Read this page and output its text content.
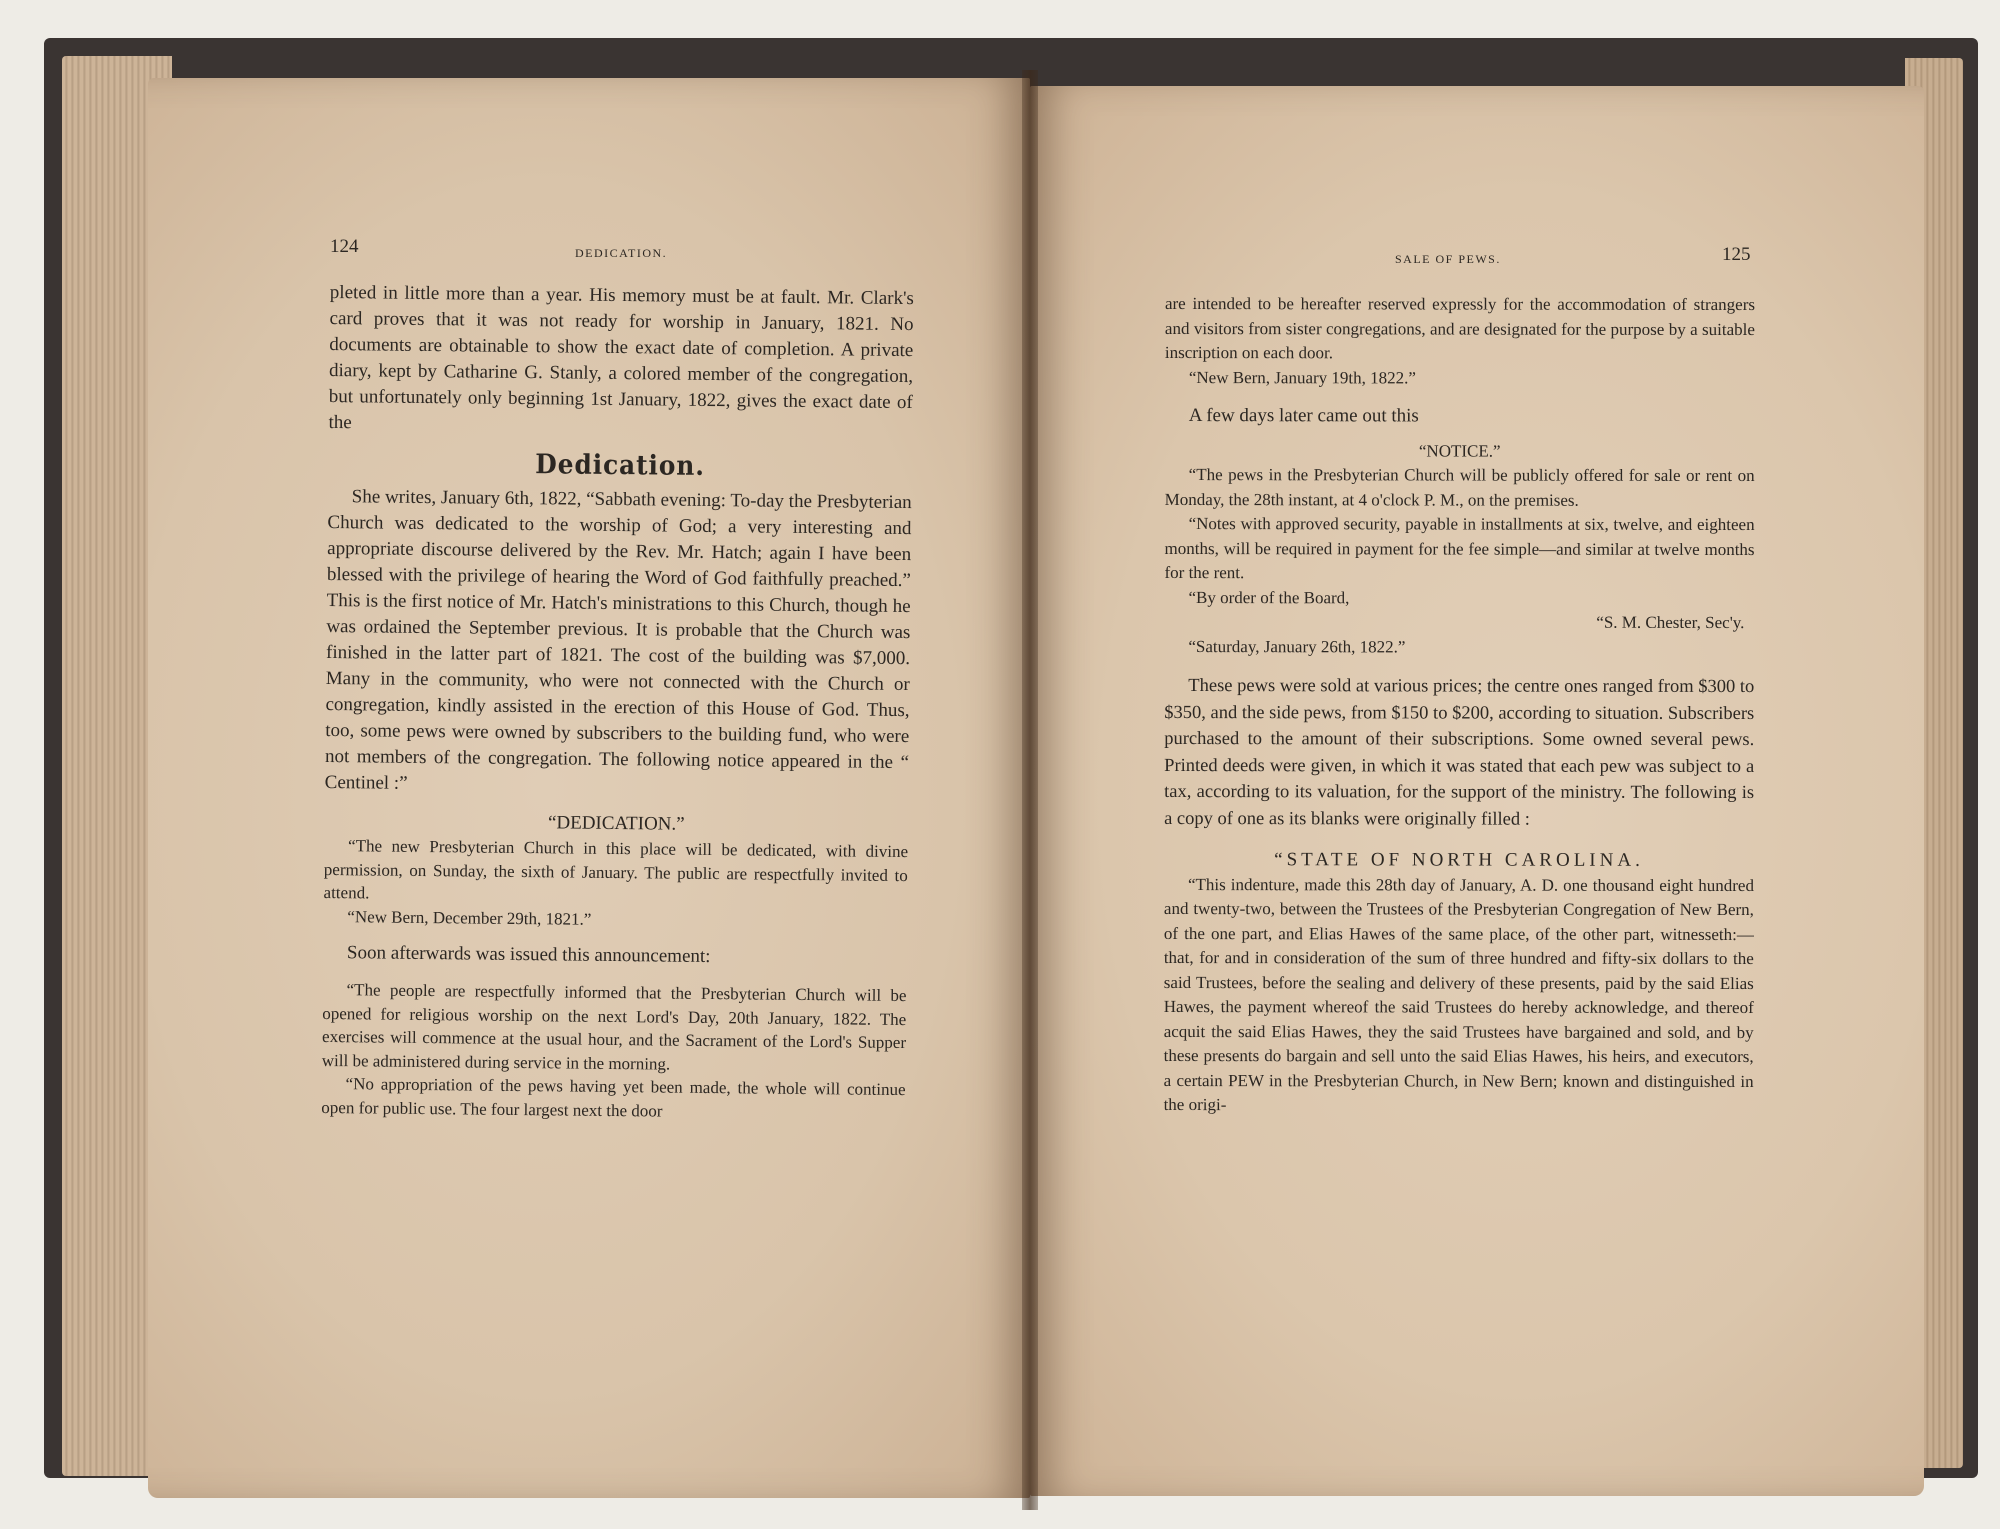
124	DEDICATION.

pleted in little more than a year. His memory must be at fault. Mr. Clark's card proves that it was not ready for worship in January, 1821. No documents are obtainable to show the exact date of completion. A private diary, kept by Catharine G. Stanly, a colored member of the congregation, but unfortunately only beginning 1st January, 1822, gives the exact date of the

Dedication.

She writes, January 6th, 1822, “Sabbath evening: To-day the Presbyterian Church was dedicated to the worship of God; a very interesting and appropriate discourse delivered by the Rev. Mr. Hatch; again I have been blessed with the privilege of hearing the Word of God faithfully preached.” This is the first notice of Mr. Hatch's ministrations to this Church, though he was ordained the September previous. It is probable that the Church was finished in the latter part of 1821. The cost of the building was $7,000. Many in the community, who were not connected with the Church or congregation, kindly assisted in the erection of this House of God. Thus, too, some pews were owned by subscribers to the building fund, who were not members of the congregation. The following notice appeared in the “ Centinel :”

“DEDICATION.”

“The new Presbyterian Church in this place will be dedicated, with divine permission, on Sunday, the sixth of January. The public are respectfully invited to attend.

“New Bern, December 29th, 1821.”

Soon afterwards was issued this announcement:

“The people are respectfully informed that the Presbyterian Church will be opened for religious worship on the next Lord's Day, 20th January, 1822. The exercises will commence at the usual hour, and the Sacrament of the Lord's Supper will be administered during service in the morning.

“No appropriation of the pews having yet been made, the whole will continue open for public use. The four largest next the door

SALE OF PEWS.	125

are intended to be hereafter reserved expressly for the accommodation of strangers and visitors from sister congregations, and are designated for the purpose by a suitable inscription on each door.

“New Bern, January 19th, 1822.”

A few days later came out this

“NOTICE.”

“The pews in the Presbyterian Church will be publicly offered for sale or rent on Monday, the 28th instant, at 4 o'clock P. M., on the premises.

“Notes with approved security, payable in installments at six, twelve, and eighteen months, will be required in payment for the fee simple—and similar at twelve months for the rent.

“By order of the Board,

“S. M. Chester, Sec'y.

“Saturday, January 26th, 1822.”

These pews were sold at various prices; the centre ones ranged from $300 to $350, and the side pews, from $150 to $200, according to situation. Subscribers purchased to the amount of their subscriptions. Some owned several pews. Printed deeds were given, in which it was stated that each pew was subject to a tax, according to its valuation, for the support of the ministry. The following is a copy of one as its blanks were originally filled :

“STATE OF NORTH CAROLINA.

“This indenture, made this 28th day of January, A. D. one thousand eight hundred and twenty-two, between the Trustees of the Presbyterian Congregation of New Bern, of the one part, and Elias Hawes of the same place, of the other part, witnesseth:—that, for and in consideration of the sum of three hundred and fifty-six dollars to the said Trustees, before the sealing and delivery of these presents, paid by the said Elias Hawes, the payment whereof the said Trustees do hereby acknowledge, and thereof acquit the said Elias Hawes, they the said Trustees have bargained and sold, and by these presents do bargain and sell unto the said Elias Hawes, his heirs, and executors, a certain PEW in the Presbyterian Church, in New Bern; known and distinguished in the origi-
